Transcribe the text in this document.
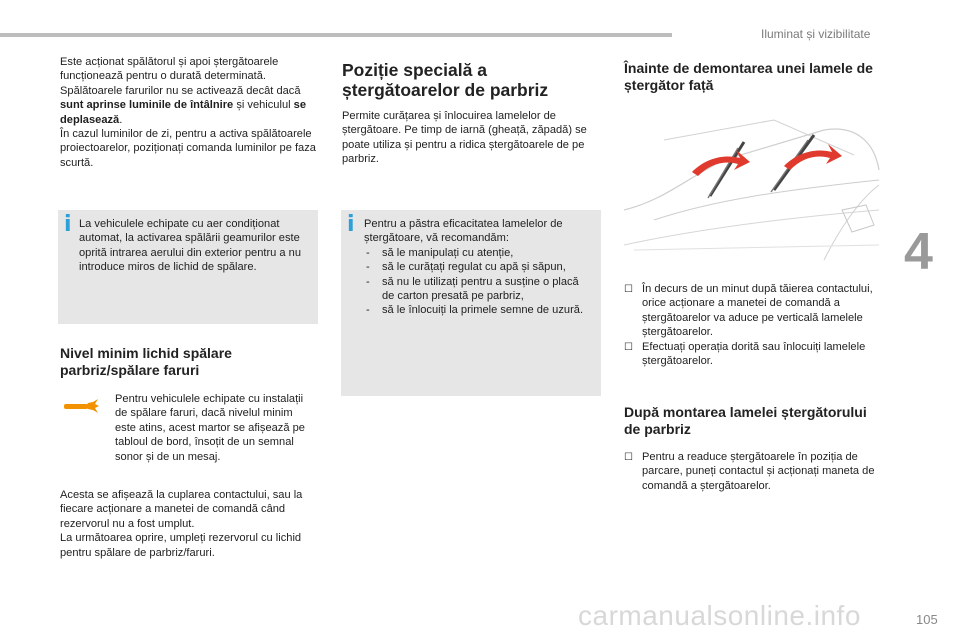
Iluminat și vizibilitate

Este acționat spălătorul și apoi ștergătoarele funcționează pentru o durată determinată.

Spălătoarele farurilor nu se activează decât dacă sunt aprinse luminile de întâlnire și vehiculul se deplasează.

În cazul luminilor de zi, pentru a activa spălătoarele proiectoarelor, poziționați comanda luminilor pe faza scurtă.

i La vehiculele echipate cu aer condiționat automat, la activarea spălării geamurilor este oprită intrarea aerului din exterior pentru a nu introduce miros de lichid de spălare.
Nivel minim lichid spălare parbriz/spălare faruri
Pentru vehiculele echipate cu instalații de spălare faruri, dacă nivelul minim este atins, acest martor se afișează pe tabloul de bord, însoțit de un semnal sonor și de un mesaj.

Acesta se afișează la cuplarea contactului, sau la fiecare acționare a manetei de comandă când rezervorul nu a fost umplut.

La următoarea oprire, umpleți rezervorul cu lichid pentru spălare de parbriz/faruri.

Poziție specială a ștergătoarelor de parbriz
Permite curățarea și înlocuirea lamelelor de ștergătoare. Pe timp de iarnă (gheață, zăpadă) se poate utiliza și pentru a ridica ștergătoarele de pe parbriz.
i Pentru a păstra eficacitatea lamelelor de ștergătoare, vă recomandăm:
- să le manipulați cu atenție,
- să le curățați regulat cu apă și săpun,
- să nu le utilizați pentru a susține o placă de carton presată pe parbriz,
- să le înlocuiți la primele semne de uzură.
Înainte de demontarea unei lamele de ștergător față
☐ În decurs de un minut după tăierea contactului, orice acționare a manetei de comandă a ștergătoarelor va aduce pe verticală lamelele ștergătoarelor.
☐ Efectuați operația dorită sau înlocuiți lamelele ștergătoarelor.
După montarea lamelei ștergătorului de parbriz
☐ Pentru a readuce ștergătoarele în poziția de parcare, puneți contactul și acționați maneta de comandă a ștergătoarelor.
4
carmanualsonline.info	105
